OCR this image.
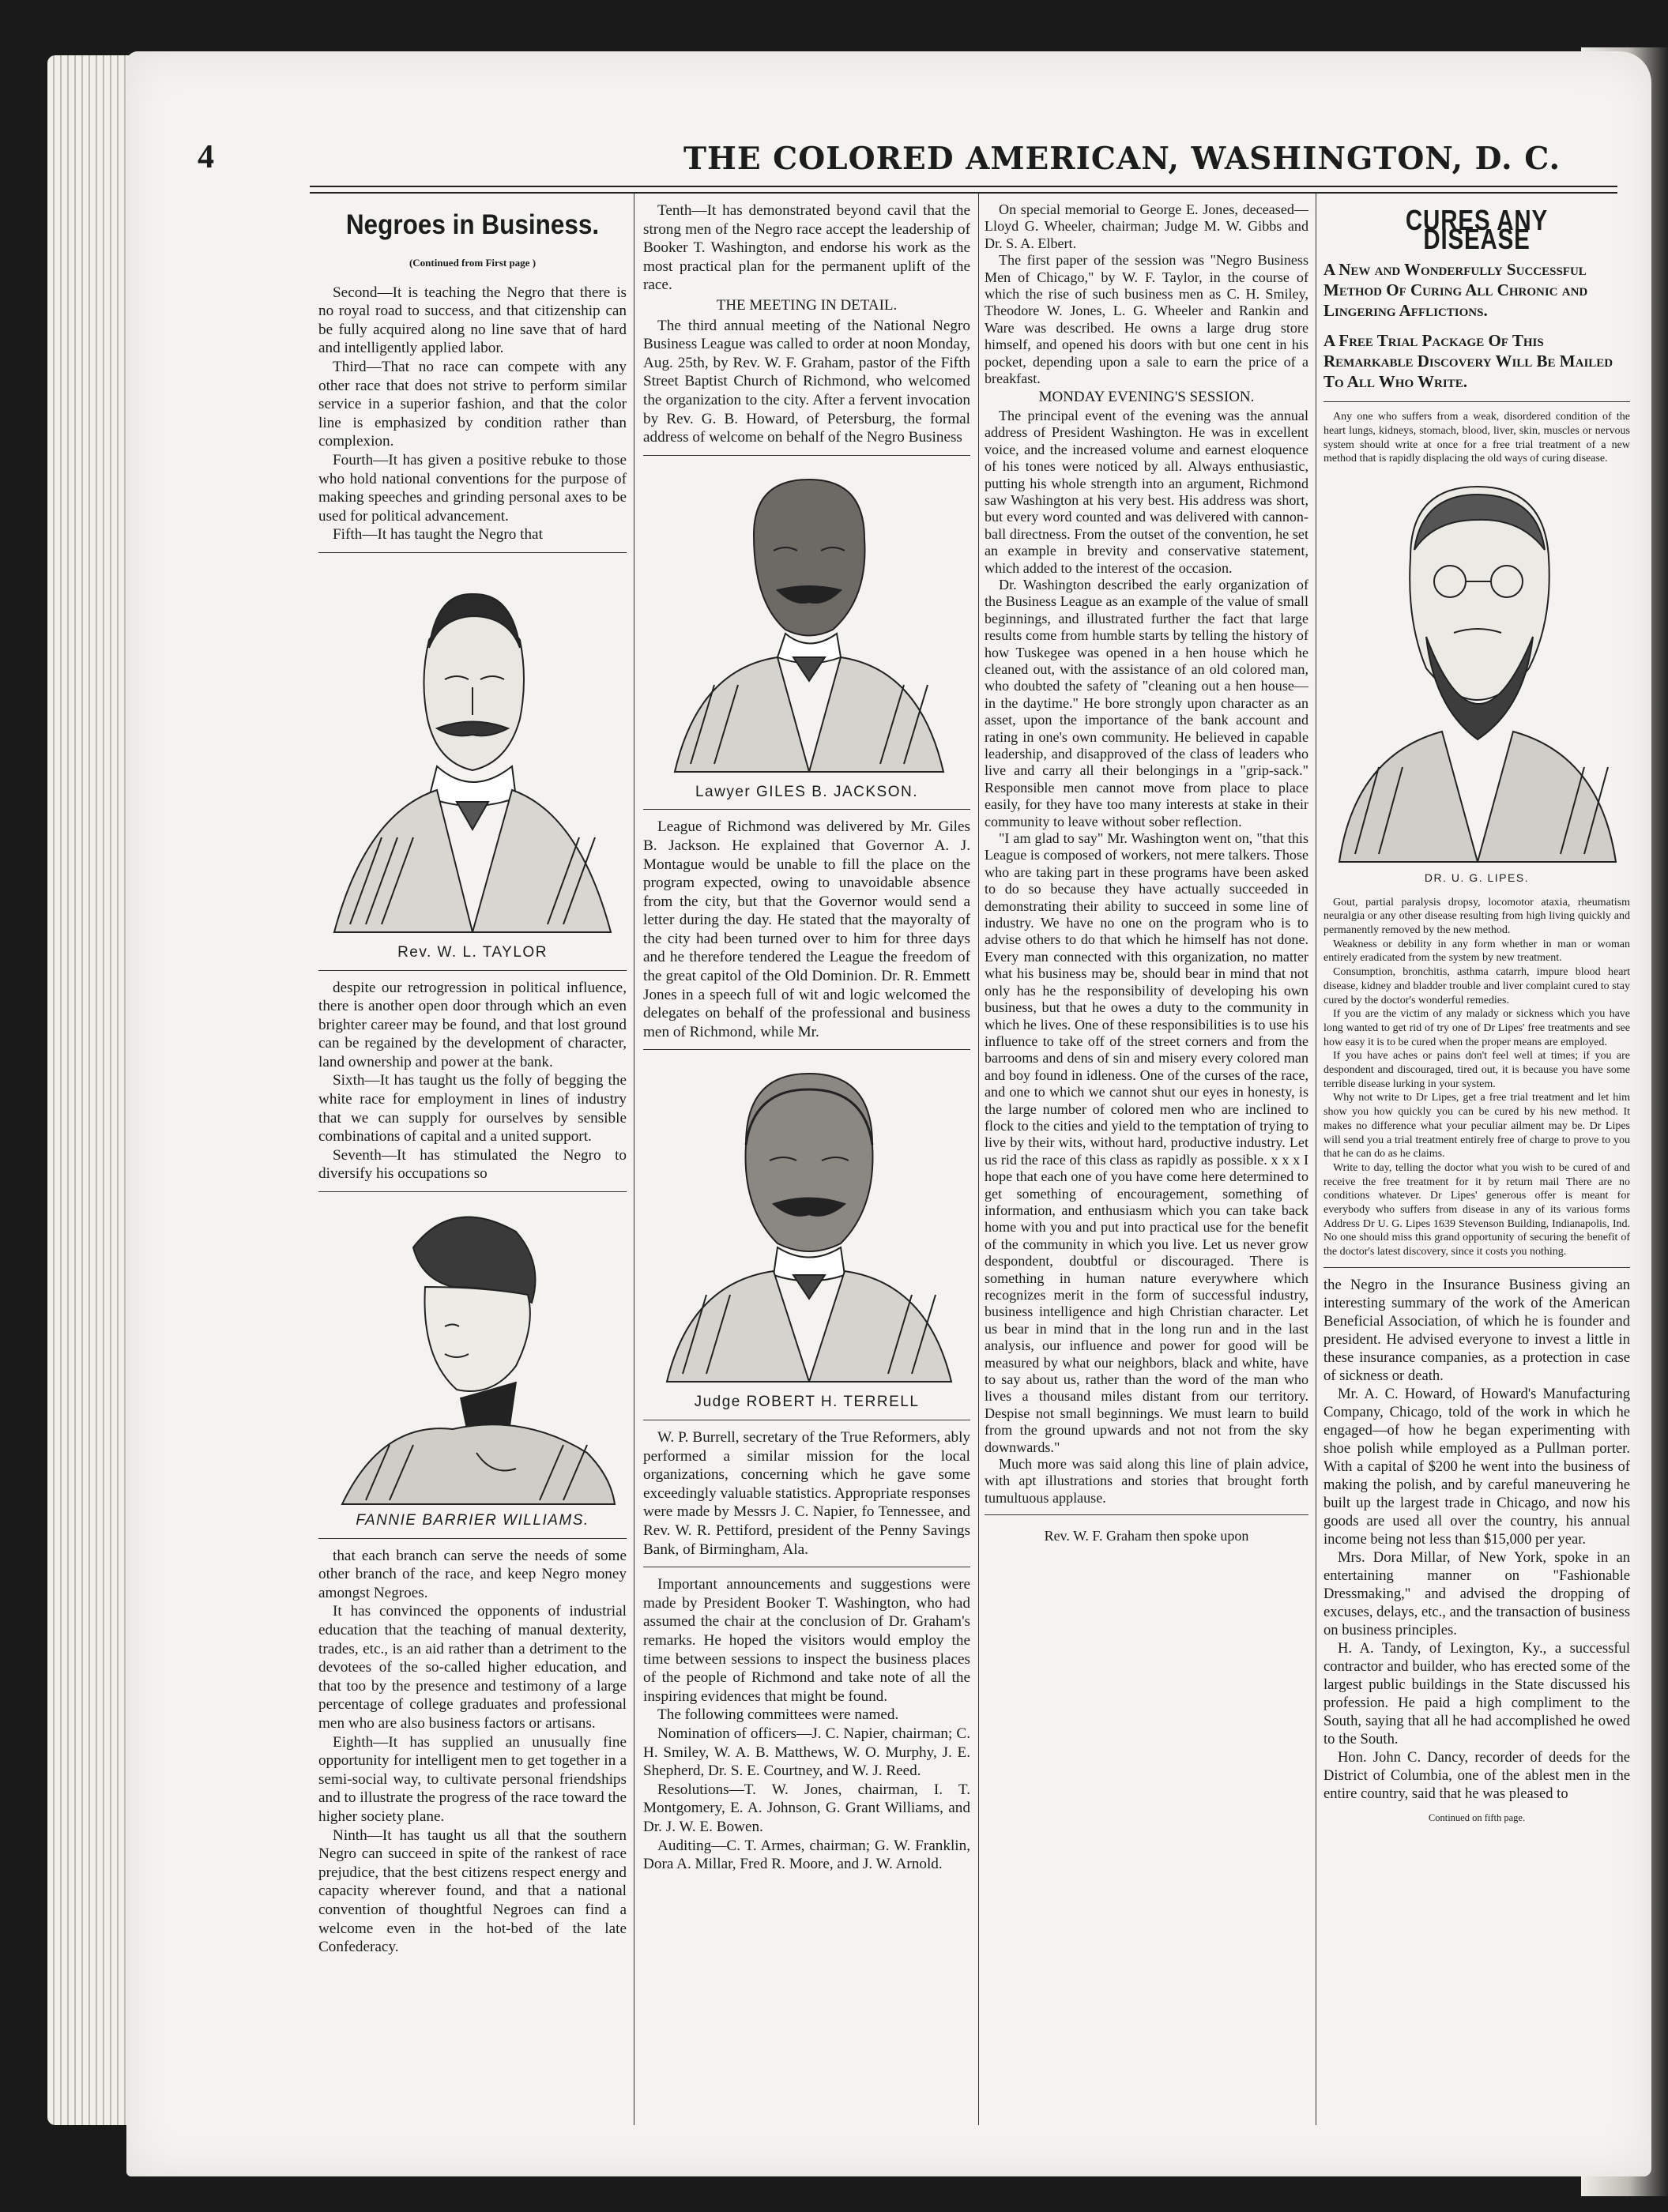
4	THE COLORED AMERICAN, WASHINGTON, D. C.
Negroes in Business.
(Continued from First page )

Second—It is teaching the Negro that there is no royal road to success, and that citizenship can be fully acquired along no line save that of hard and intelligently applied labor.

Third—That no race can compete with any other race that does not strive to perform similar service in a superior fashion, and that the color line is emphasized by condition rather than complexion.

Fourth—It has given a positive rebuke to those who hold national conventions for the purpose of making speeches and grinding personal axes to be used for political advancement.

Fifth—It has taught the Negro that

Rev. W. L. TAYLOR

despite our retrogression in political influence, there is another open door through which an even brighter career may be found, and that lost ground can be regained by the development of character, land ownership and power at the bank.

Sixth—It has taught us the folly of begging the white race for employment in lines of industry that we can supply for ourselves by sensible combinations of capital and a united support.

Seventh—It has stimulated the Negro to diversify his occupations so

FANNIE BARRIER WILLIAMS.

that each branch can serve the needs of some other branch of the race, and keep Negro money amongst Negroes.

It has convinced the opponents of industrial education that the teaching of manual dexterity, trades, etc., is an aid rather than a detriment to the devotees of the so-called higher education, and that too by the presence and testimony of a large percentage of college graduates and professional men who are also business factors or artisans.

Eighth—It has supplied an unusually fine opportunity for intelligent men to get together in a semi-social way, to cultivate personal friendships and to illustrate the progress of the race toward the higher society plane.

Ninth—It has taught us all that the southern Negro can succeed in spite of the rankest of race prejudice, that the best citizens respect energy and capacity wherever found, and that a national convention of thoughtful Negroes can find a welcome even in the hot-bed of the late Confederacy.

Tenth—It has demonstrated beyond cavil that the strong men of the Negro race accept the leadership of Booker T. Washington, and endorse his work as the most practical plan for the permanent uplift of the race.

THE MEETING IN DETAIL.

The third annual meeting of the National Negro Business League was called to order at noon Monday, Aug. 25th, by Rev. W. F. Graham, pastor of the Fifth Street Baptist Church of Richmond, who welcomed the organization to the city. After a fervent invocation by Rev. G. B. Howard, of Petersburg, the formal address of welcome on behalf of the Negro Business

Lawyer GILES B. JACKSON.

League of Richmond was delivered by Mr. Giles B. Jackson. He explained that Governor A. J. Montague would be unable to fill the place on the program expected, owing to unavoidable absence from the city, but that the Governor would send a letter during the day. He stated that the mayoralty of the city had been turned over to him for three days and he therefore tendered the League the freedom of the great capitol of the Old Dominion. Dr. R. Emmett Jones in a speech full of wit and logic welcomed the delegates on behalf of the professional and business men of Richmond, while Mr.

Judge ROBERT H. TERRELL

W. P. Burrell, secretary of the True Reformers, ably performed a similar mission for the local organizations, concerning which he gave some exceedingly valuable statistics. Appropriate responses were made by Messrs J. C. Napier, fo Tennessee, and Rev. W. R. Pettiford, president of the Penny Savings Bank, of Birmingham, Ala.

Important announcements and suggestions were made by President Booker T. Washington, who had assumed the chair at the conclusion of Dr. Graham's remarks. He hoped the visitors would employ the time between sessions to inspect the business places of the people of Richmond and take note of all the inspiring evidences that might be found.

The following committees were named.

Nomination of officers—J. C. Napier, chairman; C. H. Smiley, W. A. B. Matthews, W. O. Murphy, J. E. Shepherd, Dr. S. E. Courtney, and W. J. Reed.

Resolutions—T. W. Jones, chairman, I. T. Montgomery, E. A. Johnson, G. Grant Williams, and Dr. J. W. E. Bowen.

Auditing—C. T. Armes, chairman; G. W. Franklin, Dora A. Millar, Fred R. Moore, and J. W. Arnold.

On special memorial to George E. Jones, deceased—Lloyd G. Wheeler, chairman; Judge M. W. Gibbs and Dr. S. A. Elbert.

The first paper of the session was "Negro Business Men of Chicago," by W. F. Taylor, in the course of which the rise of such business men as C. H. Smiley, Theodore W. Jones, L. G. Wheeler and Rankin and Ware was described. He owns a large drug store himself, and opened his doors with but one cent in his pocket, depending upon a sale to earn the price of a breakfast.

MONDAY EVENING'S SESSION.

The principal event of the evening was the annual address of President Washington. He was in excellent voice, and the increased volume and earnest eloquence of his tones were noticed by all. Always enthusiastic, putting his whole strength into an argument, Richmond saw Washington at his very best. His address was short, but every word counted and was delivered with cannon-ball directness. From the outset of the convention, he set an example in brevity and conservative statement, which added to the interest of the occasion.

Dr. Washington described the early organization of the Business League as an example of the value of small beginnings, and illustrated further the fact that large results come from humble starts by telling the history of how Tuskegee was opened in a hen house which he cleaned out, with the assistance of an old colored man, who doubted the safety of "cleaning out a hen house—in the daytime." He bore strongly upon character as an asset, upon the importance of the bank account and rating in one's own community. He believed in capable leadership, and disapproved of the class of leaders who live and carry all their belongings in a "grip-sack." Responsible men cannot move from place to place easily, for they have too many interests at stake in their community to leave without sober reflection.

"I am glad to say" Mr. Washington went on, "that this League is composed of workers, not mere talkers. Those who are taking part in these programs have been asked to do so because they have actually succeeded in demonstrating their ability to succeed in some line of industry. We have no one on the program who is to advise others to do that which he himself has not done. Every man connected with this organization, no matter what his business may be, should bear in mind that not only has he the responsibility of developing his own business, but that he owes a duty to the community in which he lives. One of these responsibilities is to use his influence to take off of the street corners and from the barrooms and dens of sin and misery every colored man and boy found in idleness. One of the curses of the race, and one to which we cannot shut our eyes in honesty, is the large number of colored men who are inclined to flock to the cities and yield to the temptation of trying to live by their wits, without hard, productive industry. Let us rid the race of this class as rapidly as possible. x x x I hope that each one of you have come here determined to get something of encouragement, something of information, and enthusiasm which you can take back home with you and put into practical use for the benefit of the community in which you live. Let us never grow despondent, doubtful or discouraged. There is something in human nature everywhere which recognizes merit in the form of successful industry, business intelligence and high Christian character. Let us bear in mind that in the long run and in the last analysis, our influence and power for good will be measured by what our neighbors, black and white, have to say about us, rather than the word of the man who lives a thousand miles distant from our territory. Despise not small beginnings. We must learn to build from the ground upwards and not not from the sky downwards."

Much more was said along this line of plain advice, with apt illustrations and stories that brought forth tumultuous applause.

Rev. W. F. Graham then spoke upon
CURES ANY DISEASE
A New and Wonderfully Successful Method Of Curing All Chronic and Lingering Afflictions.
A Free Trial Package Of This Remarkable Discovery Will Be Mailed To All Who Write.

Any one who suffers from a weak, disordered condition of the heart lungs, kidneys, stomach, blood, liver, skin, muscles or nervous system should write at once for a free trial treatment of a new method that is rapidly displacing the old ways of curing disease.

DR. U. G. LIPES.

Gout, partial paralysis dropsy, locomotor ataxia, rheumatism neuralgia or any other disease resulting from high living quickly and permanently removed by the new method.

Weakness or debility in any form whether in man or woman entirely eradicated from the system by new treatment.

Consumption, bronchitis, asthma catarrh, impure blood heart disease, kidney and bladder trouble and liver complaint cured to stay cured by the doctor's wonderful remedies.

If you are the victim of any malady or sickness which you have long wanted to get rid of try one of Dr Lipes' free treatments and see how easy it is to be cured when the proper means are employed.

If you have aches or pains don't feel well at times; if you are despondent and discouraged, tired out, it is because you have some terrible disease lurking in your system.

Why not write to Dr Lipes, get a free trial treatment and let him show you how quickly you can be cured by his new method. It makes no difference what your peculiar ailment may be. Dr Lipes will send you a trial treatment entirely free of charge to prove to you that he can do as he claims.

Write to day, telling the doctor what you wish to be cured of and receive the free treatment for it by return mail There are no conditions whatever. Dr Lipes' generous offer is meant for everybody who suffers from disease in any of its various forms Address Dr U. G. Lipes 1639 Stevenson Building, Indianapolis, Ind. No one should miss this grand opportunity of securing the benefit of the doctor's latest discovery, since it costs you nothing.

the Negro in the Insurance Business giving an interesting summary of the work of the American Beneficial Association, of which he is founder and president. He advised everyone to invest a little in these insurance companies, as a protection in case of sickness or death.

Mr. A. C. Howard, of Howard's Manufacturing Company, Chicago, told of the work in which he engaged—of how he began experimenting with shoe polish while employed as a Pullman porter. With a capital of $200 he went into the business of making the polish, and by careful maneuvering he built up the largest trade in Chicago, and now his goods are used all over the country, his annual income being not less than $15,000 per year.

Mrs. Dora Millar, of New York, spoke in an entertaining manner on "Fashionable Dressmaking," and advised the dropping of excuses, delays, etc., and the transaction of business on business principles.

H. A. Tandy, of Lexington, Ky., a successful contractor and builder, who has erected some of the largest public buildings in the State discussed his profession. He paid a high compliment to the South, saying that all he had accomplished he owed to the South.

Hon. John C. Dancy, recorder of deeds for the District of Columbia, one of the ablest men in the entire country, said that he was pleased to

Continued on fifth page.
